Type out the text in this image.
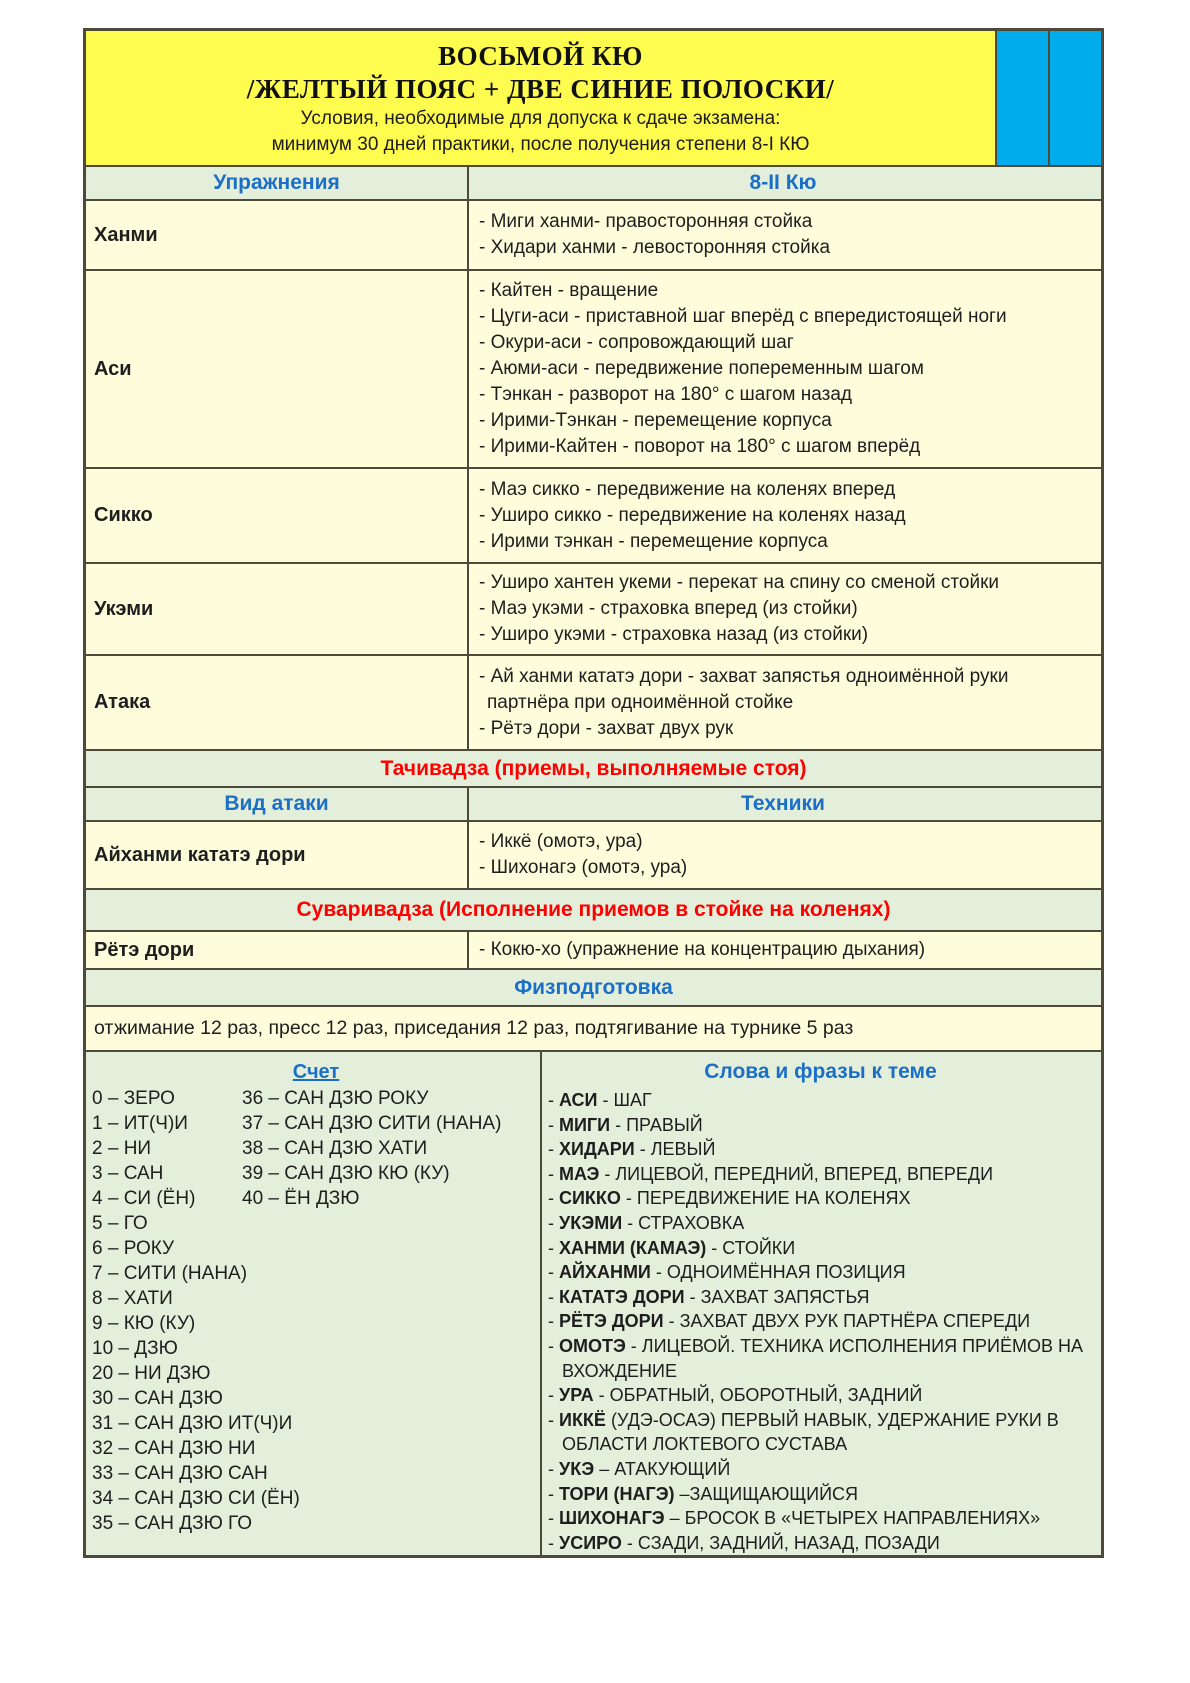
ВОСЬМОЙ КЮ
/ЖЕЛТЫЙ ПОЯС + ДВЕ СИНИЕ ПОЛОСКИ/
Условия, необходимые для допуска к сдаче экзамена:
минимум 30 дней практики, после получения степени 8-I КЮ
Упражнения	8-II Кю
Ханми
- Миги ханми- правосторонняя стойка
- Хидари ханми - левосторонняя стойка
Аси
- Кайтен - вращение
- Цуги-аси - приставной шаг вперёд с впередистоящей ноги
- Окури-аси - сопровождающий шаг
- Аюми-аси - передвижение попеременным шагом
- Тэнкан - разворот на 180° с шагом назад
- Ирими-Тэнкан - перемещение корпуса
- Ирими-Кайтен - поворот на 180° с шагом вперёд
Сикко
- Маэ сикко - передвижение на коленях вперед
- Уширо сикко - передвижение на коленях назад
- Ирими тэнкан - перемещение корпуса
Укэми
- Уширо хантен укеми - перекат на спину со сменой стойки
- Маэ укэми - страховка вперед (из стойки)
- Уширо укэми - страховка назад (из стойки)
Атака
- Ай ханми кататэ дори - захват запястья одноимённой руки
партнёра при одноимённой стойке
- Рётэ дори - захват двух рук
Тачивадза (приемы, выполняемые стоя)
Вид атаки	Техники
Айханми кататэ дори
- Иккё (омотэ, ура)
- Шихонагэ (омотэ, ура)
Суваривадза (Исполнение приемов в стойке на коленях)
Рётэ дори	- Кокю-хо (упражнение на концентрацию дыхания)
Физподготовка
отжимание 12 раз, пресс 12 раз, приседания 12 раз, подтягивание на турнике 5 раз
Счет
0 – ЗЕРО
1 – ИТ(Ч)И
2 – НИ
3 – САН
4 – СИ (ЁН)
5 – ГО
6 – РОКУ
7 – СИТИ (НАНА)
8 – ХАТИ
9 – КЮ (КУ)
10 – ДЗЮ
20 – НИ ДЗЮ
30 – САН ДЗЮ
31 – САН ДЗЮ ИТ(Ч)И
32 – САН ДЗЮ НИ
33 – САН ДЗЮ САН
34 – САН ДЗЮ СИ (ЁН)
35 – САН ДЗЮ ГО
36 – САН ДЗЮ РОКУ
37 – САН ДЗЮ СИТИ (НАНА)
38 – САН ДЗЮ ХАТИ
39 – САН ДЗЮ КЮ (КУ)
40 – ЁН ДЗЮ
Слова и фразы к теме
- АСИ - ШАГ
- МИГИ - ПРАВЫЙ
- ХИДАРИ - ЛЕВЫЙ
- МАЭ - ЛИЦЕВОЙ, ПЕРЕДНИЙ, ВПЕРЕД, ВПЕРЕДИ
- СИККО - ПЕРЕДВИЖЕНИЕ НА КОЛЕНЯХ
- УКЭМИ - СТРАХОВКА
- ХАНМИ (КАМАЭ) - СТОЙКИ
- АЙХАНМИ - ОДНОИМЁННАЯ ПОЗИЦИЯ
- КАТАТЭ ДОРИ - ЗАХВАТ ЗАПЯСТЬЯ
- РЁТЭ ДОРИ - ЗАХВАТ ДВУХ РУК ПАРТНЁРА СПЕРЕДИ
- ОМОТЭ - ЛИЦЕВОЙ. ТЕХНИКА ИСПОЛНЕНИЯ ПРИЁМОВ НА ВХОЖДЕНИЕ
- УРА - ОБРАТНЫЙ, ОБОРОТНЫЙ, ЗАДНИЙ
- ИККЁ (УДЭ-ОСАЭ) ПЕРВЫЙ НАВЫК, УДЕРЖАНИЕ РУКИ В ОБЛАСТИ ЛОКТЕВОГО СУСТАВА
- УКЭ – АТАКУЮЩИЙ
- ТОРИ (НАГЭ) –ЗАЩИЩАЮЩИЙСЯ
- ШИХОНАГЭ – БРОСОК В «ЧЕТЫРЕХ НАПРАВЛЕНИЯХ»
- УСИРО - СЗАДИ, ЗАДНИЙ, НАЗАД, ПОЗАДИ
